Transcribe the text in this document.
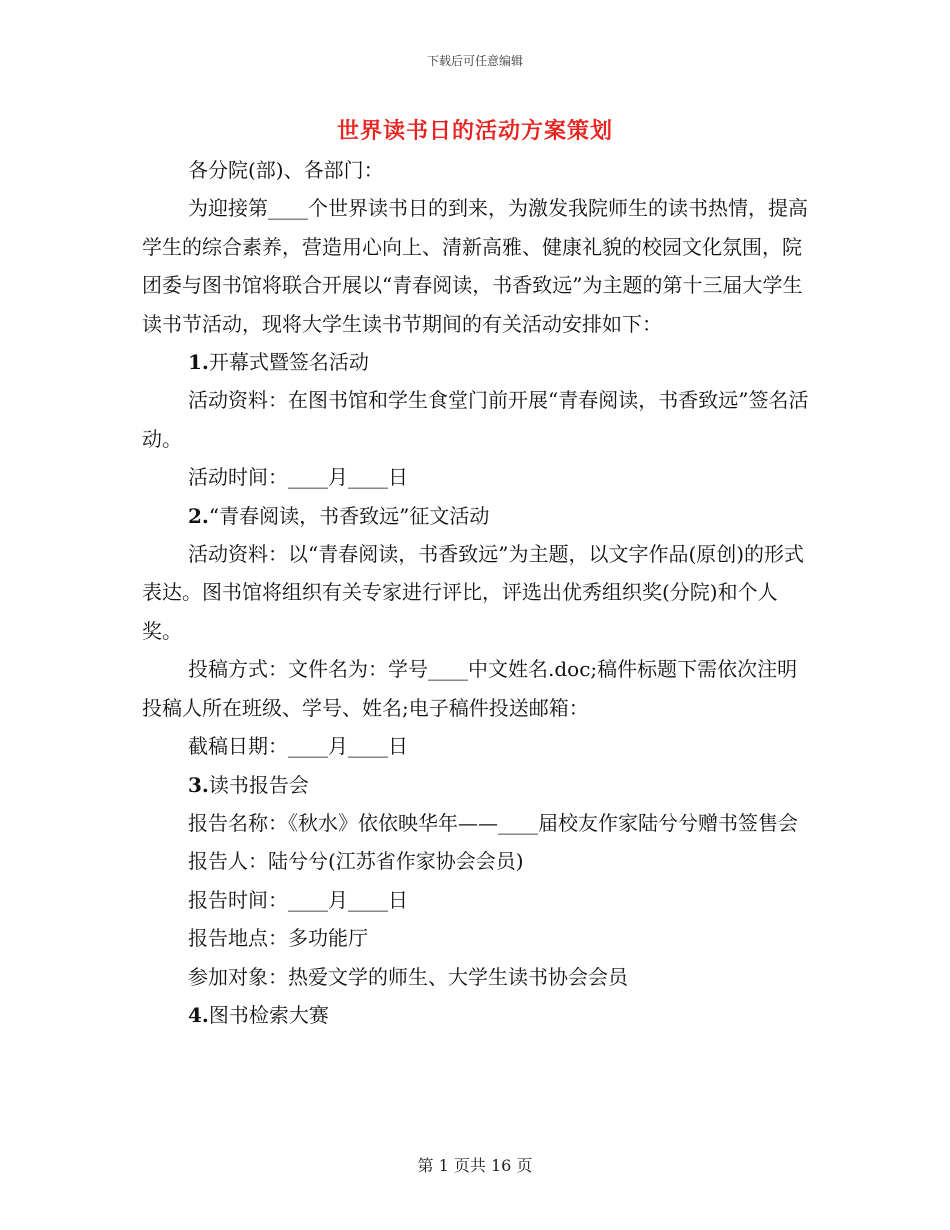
下载后可任意编辑
世界读书日的活动方案策划

各分院(部)、各部门：

为迎接第____个世界读书日的到来，为激发我院师生的读书热情，提高学生的综合素养，营造用心向上、清新高雅、健康礼貌的校园文化氛围，院团委与图书馆将联合开展以“青春阅读，书香致远”为主题的第十三届大学生读书节活动，现将大学生读书节期间的有关活动安排如下：

1.开幕式暨签名活动

活动资料：在图书馆和学生食堂门前开展“青春阅读，书香致远”签名活动。

活动时间：____月____日

2.“青春阅读，书香致远”征文活动

活动资料：以“青春阅读，书香致远”为主题，以文字作品(原创)的形式表达。图书馆将组织有关专家进行评比，评选出优秀组织奖(分院)和个人奖。

投稿方式：文件名为：学号____中文姓名.doc;稿件标题下需依次注明投稿人所在班级、学号、姓名;电子稿件投送邮箱：

截稿日期：____月____日

3.读书报告会

报告名称：《秋水》依依映华年——____届校友作家陆兮兮赠书签售会

报告人：陆兮兮(江苏省作家协会会员)

报告时间：____月____日

报告地点：多功能厅

参加对象：热爱文学的师生、大学生读书协会会员

4.图书检索大赛

第 1 页共 16 页
